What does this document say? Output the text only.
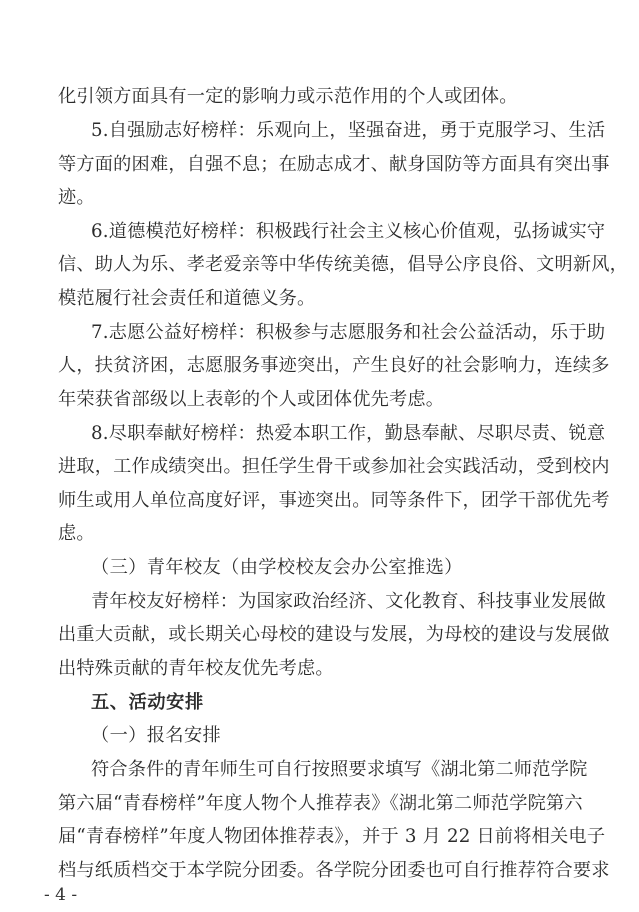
化引领方面具有一定的影响力或示范作用的个人或团体。
5.自强励志好榜样：乐观向上，坚强奋进，勇于克服学习、生活
等方面的困难，自强不息；在励志成才、献身国防等方面具有突出事
迹。
6.道德模范好榜样：积极践行社会主义核心价值观，弘扬诚实守
信、助人为乐、孝老爱亲等中华传统美德，倡导公序良俗、文明新风，
模范履行社会责任和道德义务。
7.志愿公益好榜样：积极参与志愿服务和社会公益活动，乐于助
人，扶贫济困，志愿服务事迹突出，产生良好的社会影响力，连续多
年荣获省部级以上表彰的个人或团体优先考虑。
8.尽职奉献好榜样：热爱本职工作，勤恳奉献、尽职尽责、锐意
进取，工作成绩突出。担任学生骨干或参加社会实践活动，受到校内
师生或用人单位高度好评，事迹突出。同等条件下，团学干部优先考
虑。
（三）青年校友（由学校校友会办公室推选）
青年校友好榜样：为国家政治经济、文化教育、科技事业发展做
出重大贡献，或长期关心母校的建设与发展，为母校的建设与发展做
出特殊贡献的青年校友优先考虑。
五、活动安排
（一）报名安排
符合条件的青年师生可自行按照要求填写《湖北第二师范学院
第六届“青春榜样”年度人物个人推荐表》《湖北第二师范学院第六
届“青春榜样”年度人物团体推荐表》，并于 3 月 22 日前将相关电子
档与纸质档交于本学院分团委。各学院分团委也可自行推荐符合要求
- 4 -
